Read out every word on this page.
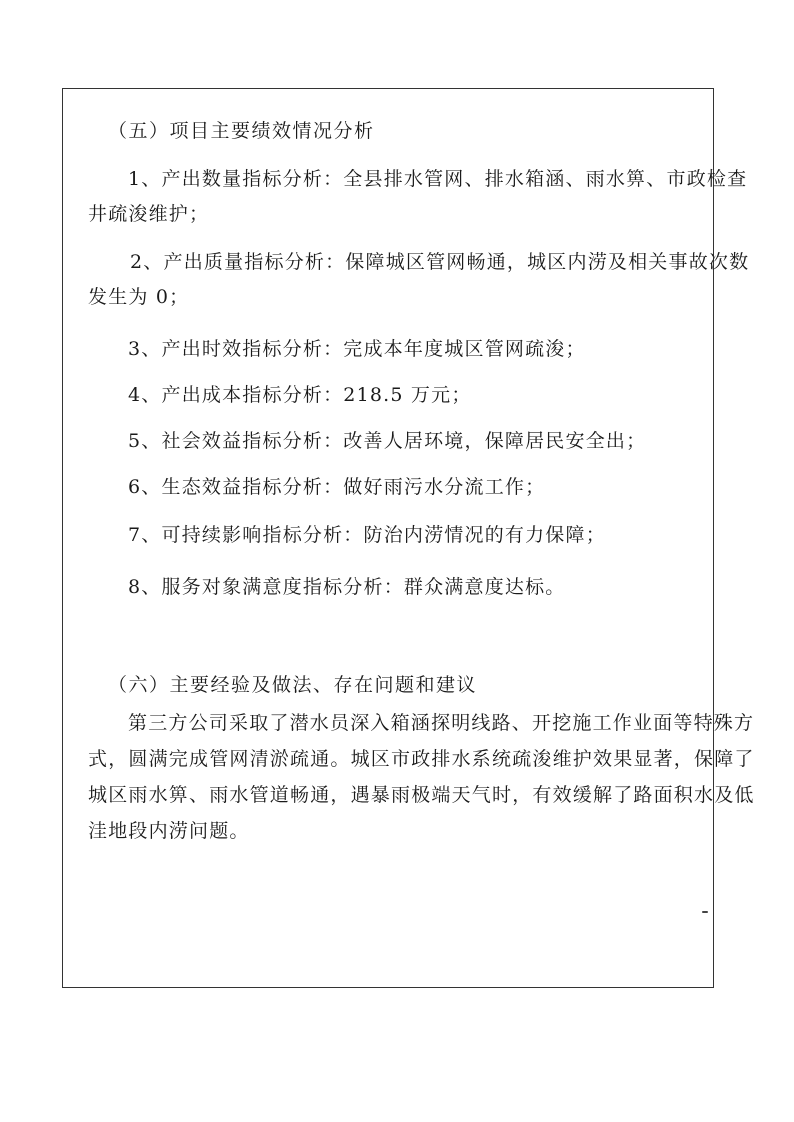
（五）项目主要绩效情况分析
1、产出数量指标分析：全县排水管网、排水箱涵、雨水箅、市政检查
井疏浚维护；
2、产出质量指标分析：保障城区管网畅通，城区内涝及相关事故次数
发生为 0；
3、产出时效指标分析：完成本年度城区管网疏浚；
4、产出成本指标分析：218.5 万元；
5、社会效益指标分析：改善人居环境，保障居民安全出；
6、生态效益指标分析：做好雨污水分流工作；
7、可持续影响指标分析：防治内涝情况的有力保障；
8、服务对象满意度指标分析：群众满意度达标。
（六）主要经验及做法、存在问题和建议
第三方公司采取了潜水员深入箱涵探明线路、开挖施工作业面等特殊方
式，圆满完成管网清淤疏通。城区市政排水系统疏浚维护效果显著，保障了
城区雨水箅、雨水管道畅通，遇暴雨极端天气时，有效缓解了路面积水及低
洼地段内涝问题。
